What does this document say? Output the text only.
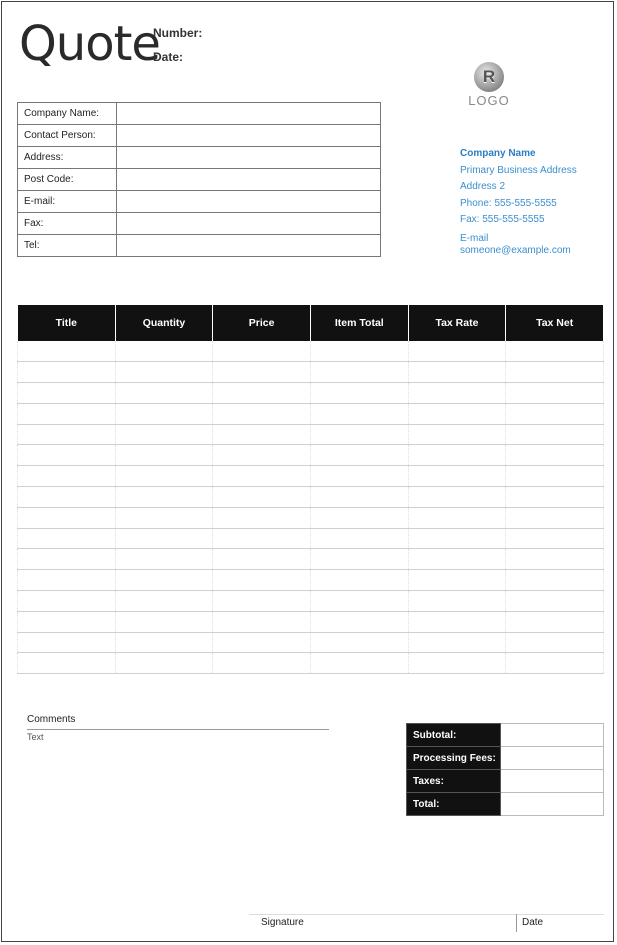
Quote
Number:
Date:
R
LOGO
Company Name:	
Contact Person:	
Address:	
Post Code:	
E-mail:	
Fax:	
Tel:	
Company Name
Primary Business Address
Address 2
Phone: 555-555-5555
Fax: 555-555-5555
E-mail
someone@example.com
Title	Quantity	Price	Item Total	Tax Rate	Tax Net

Comments
Text	Subtotal:	
Processing Fees:	
Taxes:	
Total:	
Signature	Date
